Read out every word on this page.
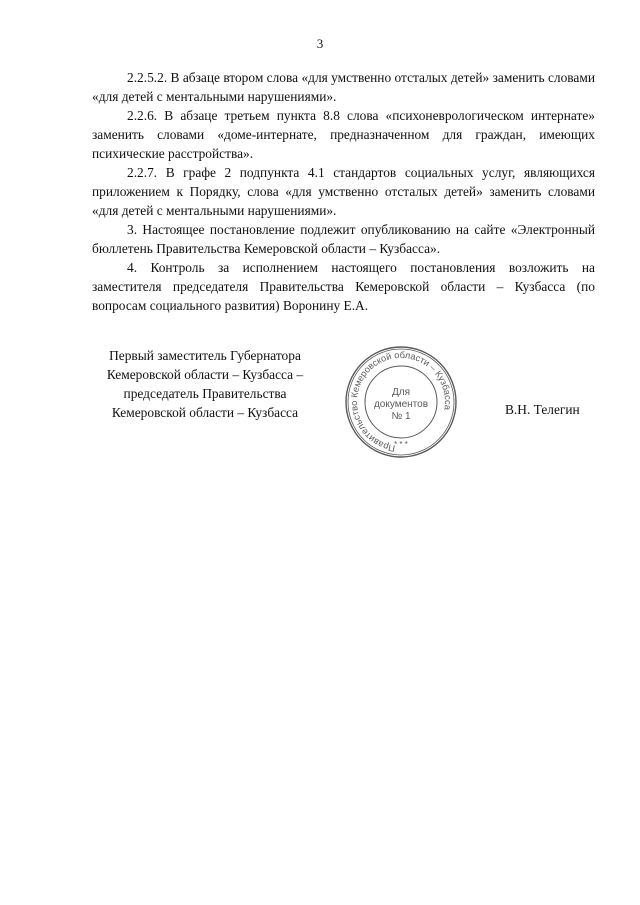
3

2.2.5.2. В абзаце втором слова «для умственно отсталых детей» заменить словами «для детей с ментальными нарушениями».

2.2.6. В абзаце третьем пункта 8.8 слова «психоневрологическом интернате» заменить словами «доме-интернате, предназначенном для граждан, имеющих психические расстройства».

2.2.7. В графе 2 подпункта 4.1 стандартов социальных услуг, являющихся приложением к Порядку, слова «для умственно отсталых детей» заменить словами «для детей с ментальными нарушениями».

3. Настоящее постановление подлежит опубликованию на сайте «Электронный бюллетень Правительства Кемеровской области – Кузбасса».

4. Контроль за исполнением настоящего постановления возложить на заместителя председателя Правительства Кемеровской области – Кузбасса (по вопросам социального развития) Воронину Е.А.

Первый заместитель Губернатора
Кемеровской области – Кузбасса –
председатель Правительства
Кемеровской области – Кузбасса
Правительство Кемеровской области – Кузбасса
* * *
Для
документов
№ 1	В.Н. Телегин
